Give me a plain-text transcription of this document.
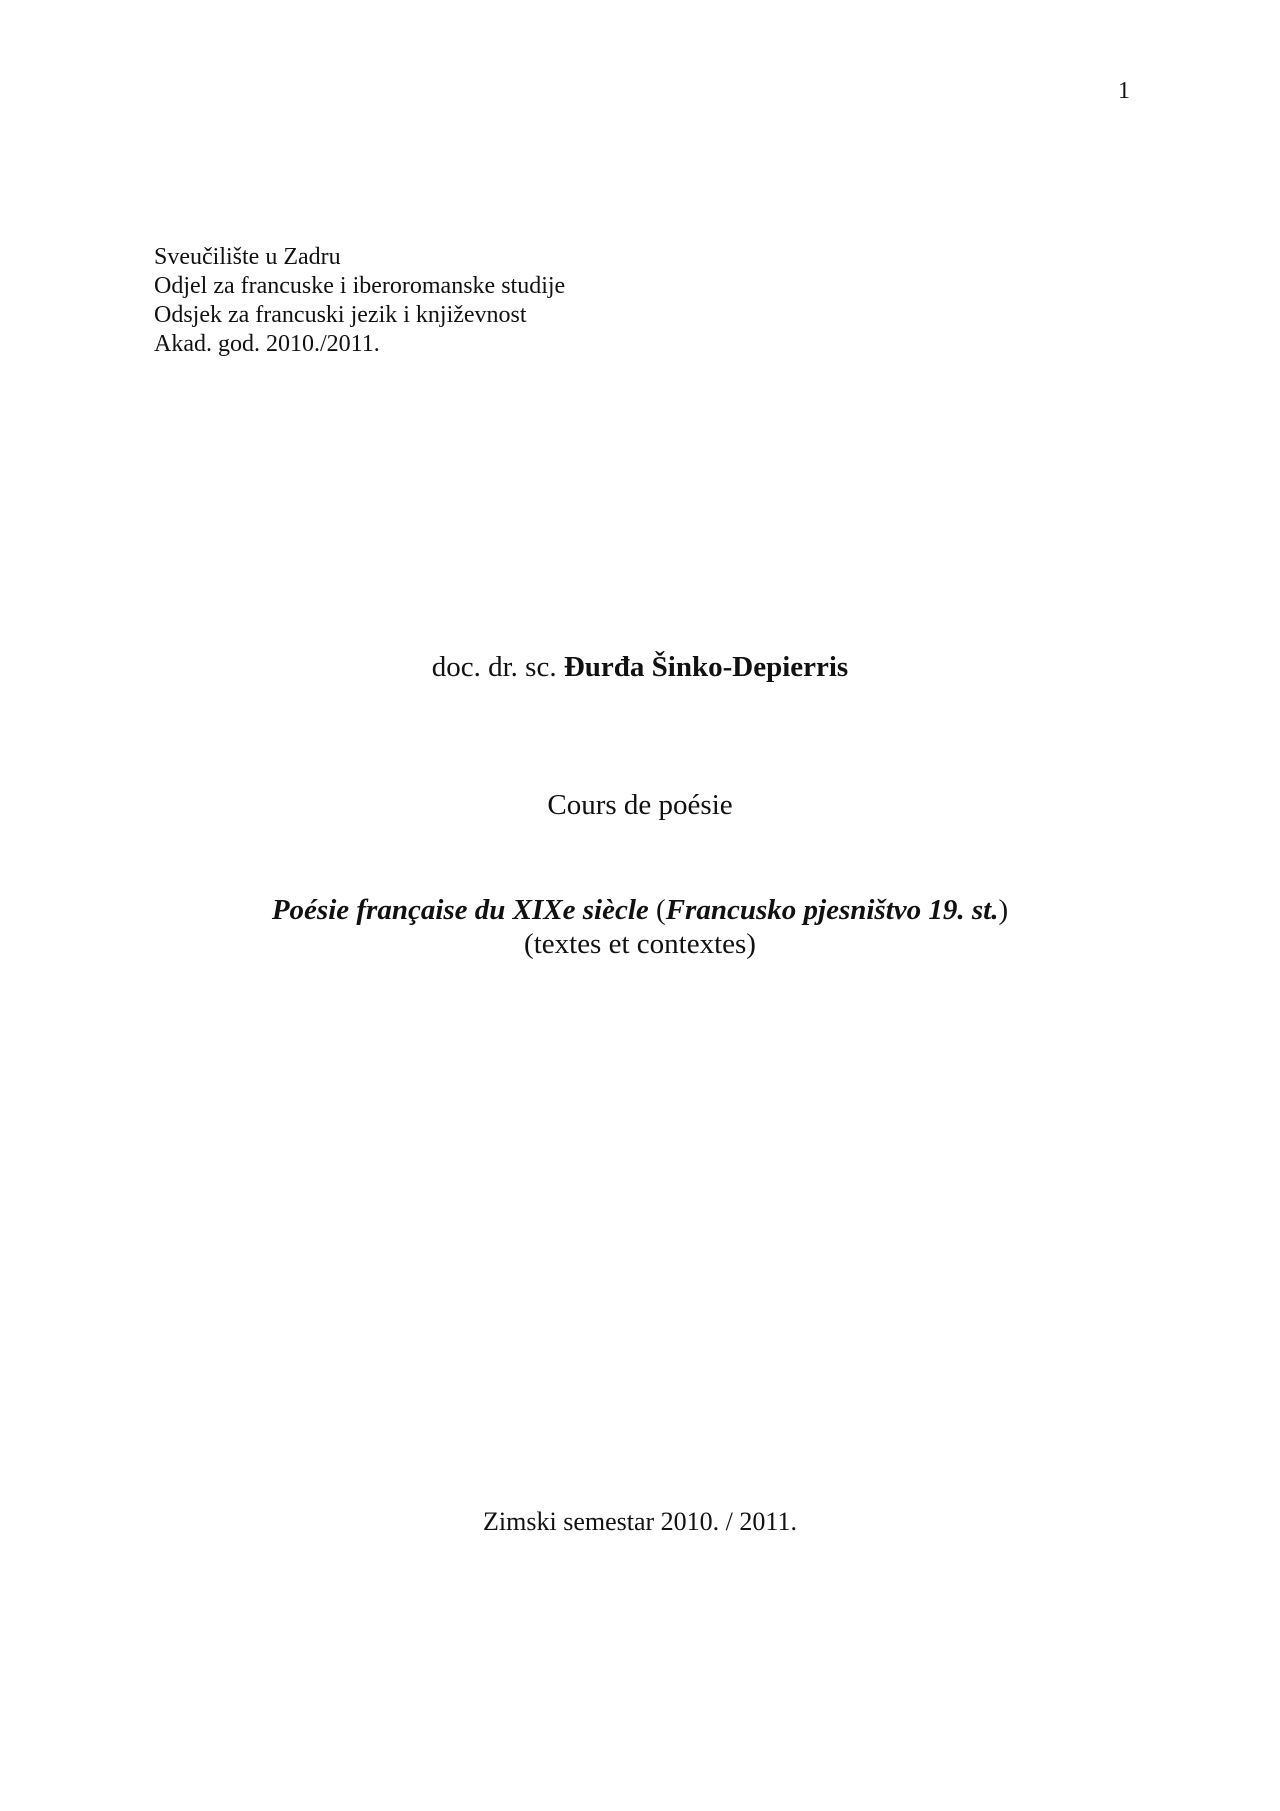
1
Sveučilište u Zadru
Odjel za francuske i iberoromanske studije
Odsjek za francuski jezik i književnost
Akad. god. 2010./2011.
doc. dr. sc. Đurđa Šinko-Depierris
Cours de poésie
Poésie française du XIXe siècle (Francusko pjesništvo 19. st.)
(textes et contextes)
Zimski semestar 2010. / 2011.
